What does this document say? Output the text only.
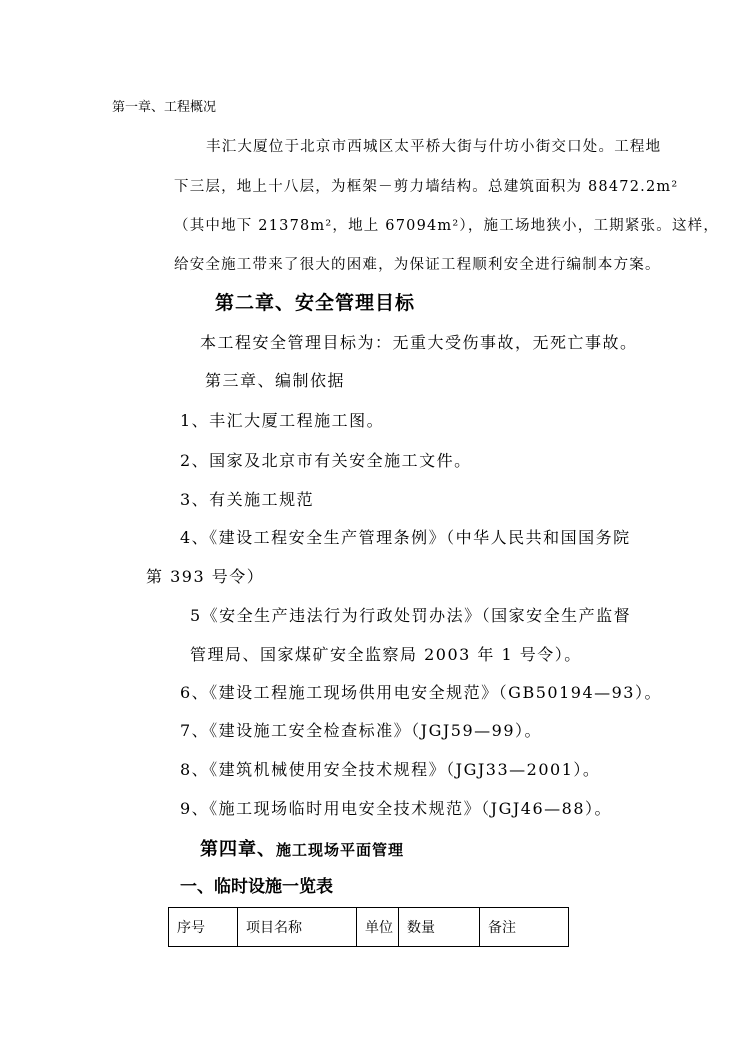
第一章、工程概况
丰汇大厦位于北京市西城区太平桥大街与什坊小街交口处。工程地
下三层，地上十八层，为框架－剪力墙结构。总建筑面积为 88472.2m²
（其中地下 21378m²，地上 67094m²），施工场地狭小，工期紧张。这样，
给安全施工带来了很大的困难，为保证工程顺利安全进行编制本方案。
第二章、安全管理目标
本工程安全管理目标为：无重大受伤事故，无死亡事故。
第三章、编制依据
1、丰汇大厦工程施工图。
2、国家及北京市有关安全施工文件。
3、有关施工规范
4、《建设工程安全生产管理条例》（中华人民共和国国务院
第 393 号令）
5《安全生产违法行为行政处罚办法》（国家安全生产监督
管理局、国家煤矿安全监察局 2003 年 1 号令）。
6、《建设工程施工现场供用电安全规范》（GB50194—93）。
7、《建设施工安全检查标准》（JGJ59—99）。
8、《建筑机械使用安全技术规程》（JGJ33—2001）。
9、《施工现场临时用电安全技术规范》（JGJ46—88）。
第四章、施工现场平面管理
一、临时设施一览表
序号	项目名称	单位	数量	备注
